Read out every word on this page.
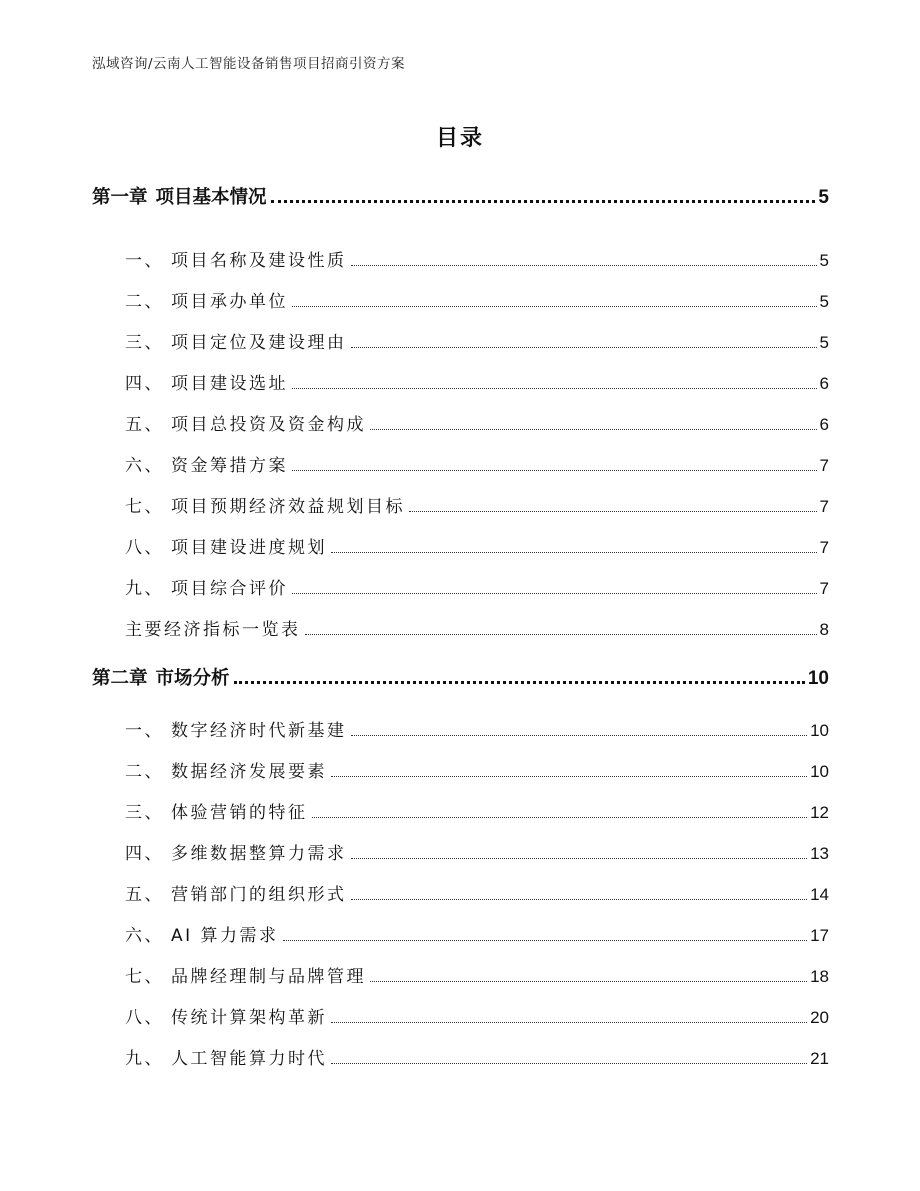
泓域咨询/云南人工智能设备销售项目招商引资方案
目录
第一章 项目基本情况	5
一、 项目名称及建设性质	5
二、 项目承办单位	5
三、 项目定位及建设理由	5
四、 项目建设选址	6
五、 项目总投资及资金构成	6
六、 资金筹措方案	7
七、 项目预期经济效益规划目标	7
八、 项目建设进度规划	7
九、 项目综合评价	7
主要经济指标一览表	8
第二章 市场分析	10
一、 数字经济时代新基建	10
二、 数据经济发展要素	10
三、 体验营销的特征	12
四、 多维数据整算力需求	13
五、 营销部门的组织形式	14
六、 AI 算力需求	17
七、 品牌经理制与品牌管理	18
八、 传统计算架构革新	20
九、 人工智能算力时代	21
